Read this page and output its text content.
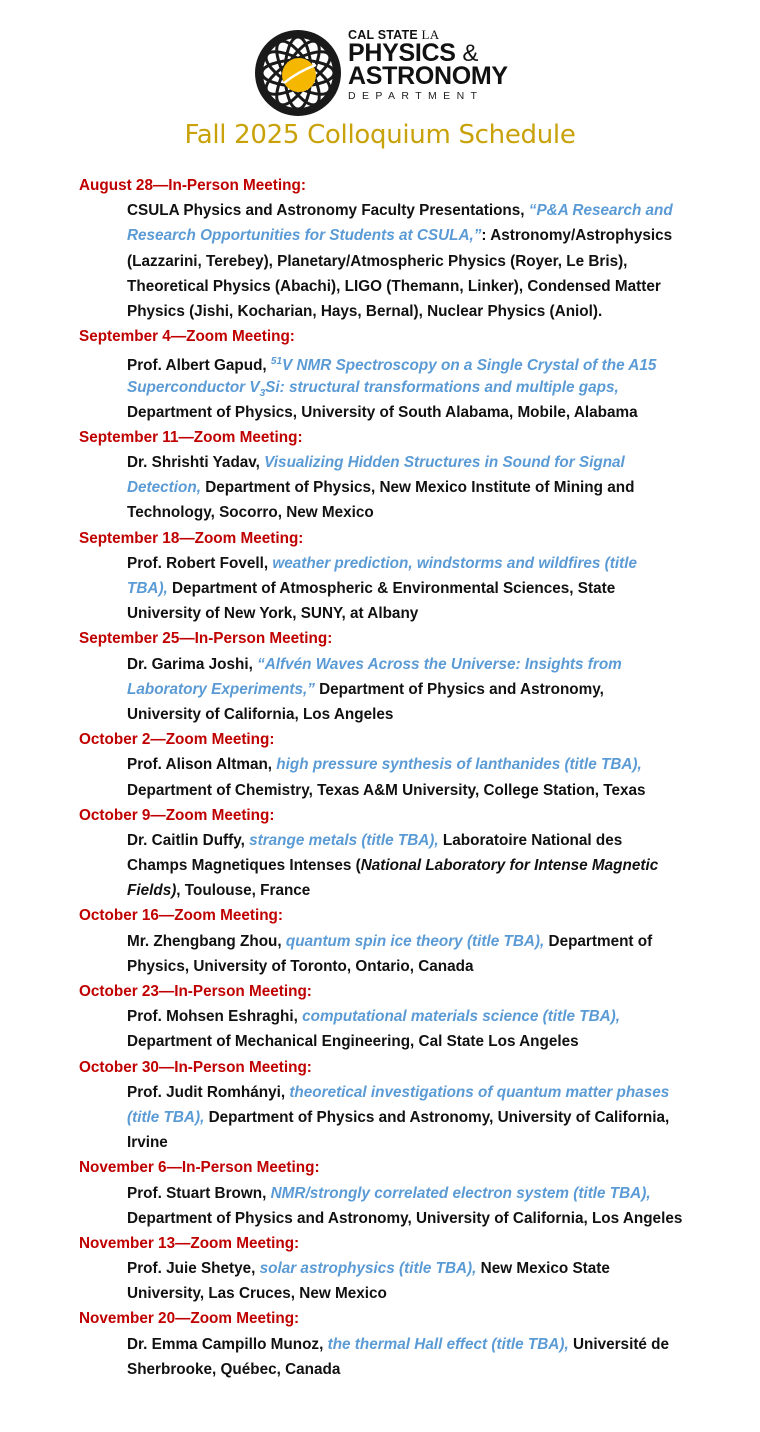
CAL STATE LA
PHYSICS &
ASTRONOMY
DEPARTMENT
Fall 2025 Colloquium Schedule
August 28—In-Person Meeting:
CSULA Physics and Astronomy Faculty Presentations, “P&A Research and
Research Opportunities for Students at CSULA,”: Astronomy/Astrophysics
(Lazzarini, Terebey), Planetary/Atmospheric Physics (Royer, Le Bris),
Theoretical Physics (Abachi), LIGO (Themann, Linker), Condensed Matter
Physics (Jishi, Kocharian, Hays, Bernal), Nuclear Physics (Aniol).
September 4—Zoom Meeting:
Prof. Albert Gapud, $^{51}$V NMR Spectroscopy on a Single Crystal of the A15
Superconductor $V_3Si$: structural transformations and multiple gaps,
Department of Physics, University of South Alabama, Mobile, Alabama
September 11—Zoom Meeting:
Dr. Shrishti Yadav, Visualizing Hidden Structures in Sound for Signal
Detection, Department of Physics, New Mexico Institute of Mining and
Technology, Socorro, New Mexico
September 18—Zoom Meeting:
Prof. Robert Fovell, weather prediction, windstorms and wildfires (title
TBA), Department of Atmospheric & Environmental Sciences, State
University of New York, SUNY, at Albany
September 25—In-Person Meeting:
Dr. Garima Joshi, “Alfvén Waves Across the Universe: Insights from
Laboratory Experiments,” Department of Physics and Astronomy,
University of California, Los Angeles
October 2—Zoom Meeting:
Prof. Alison Altman, high pressure synthesis of lanthanides (title TBA),
Department of Chemistry, Texas A&M University, College Station, Texas
October 9—Zoom Meeting:
Dr. Caitlin Duffy, strange metals (title TBA), Laboratoire National des
Champs Magnetiques Intenses (National Laboratory for Intense Magnetic
Fields), Toulouse, France
October 16—Zoom Meeting:
Mr. Zhengbang Zhou, quantum spin ice theory (title TBA), Department of
Physics, University of Toronto, Ontario, Canada
October 23—In-Person Meeting:
Prof. Mohsen Eshraghi, computational materials science (title TBA),
Department of Mechanical Engineering, Cal State Los Angeles
October 30—In-Person Meeting:
Prof. Judit Romhányi, theoretical investigations of quantum matter phases
(title TBA), Department of Physics and Astronomy, University of California,
Irvine
November 6—In-Person Meeting:
Prof. Stuart Brown, NMR/strongly correlated electron system (title TBA),
Department of Physics and Astronomy, University of California, Los Angeles
November 13—Zoom Meeting:
Prof. Juie Shetye, solar astrophysics (title TBA), New Mexico State
University, Las Cruces, New Mexico
November 20—Zoom Meeting:
Dr. Emma Campillo Munoz, the thermal Hall effect (title TBA), Université de
Sherbrooke, Québec, Canada
